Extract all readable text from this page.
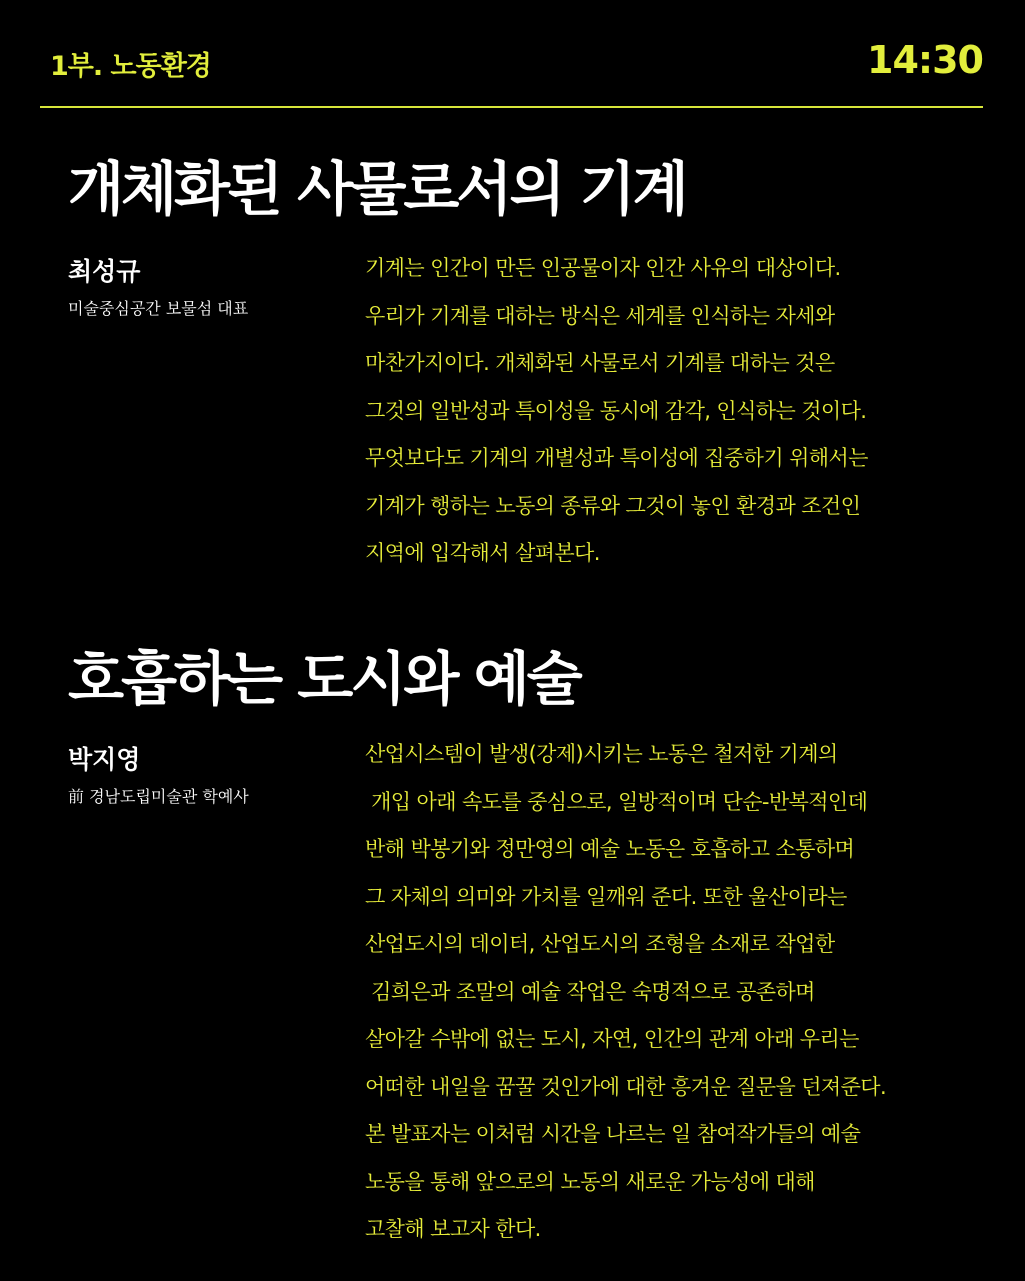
1부. 노동환경	14:30
개체화된 사물로서의 기계
최성규
미술중심공간 보물섬 대표
기계는 인간이 만든 인공물이자 인간 사유의 대상이다.
우리가 기계를 대하는 방식은 세계를 인식하는 자세와
마찬가지이다. 개체화된 사물로서 기계를 대하는 것은
그것의 일반성과 특이성을 동시에 감각, 인식하는 것이다.
무엇보다도 기계의 개별성과 특이성에 집중하기 위해서는
기계가 행하는 노동의 종류와 그것이 놓인 환경과 조건인
지역에 입각해서 살펴본다.
호흡하는 도시와 예술
박지영
前 경남도립미술관 학예사
산업시스템이 발생(강제)시키는 노동은 철저한 기계의
개입 아래 속도를 중심으로, 일방적이며 단순-반복적인데
반해 박봉기와 정만영의 예술 노동은 호흡하고 소통하며
그 자체의 의미와 가치를 일깨워 준다. 또한 울산이라는
산업도시의 데이터, 산업도시의 조형을 소재로 작업한
김희은과 조말의 예술 작업은 숙명적으로 공존하며
살아갈 수밖에 없는 도시, 자연, 인간의 관계 아래 우리는
어떠한 내일을 꿈꿀 것인가에 대한 흥겨운 질문을 던져준다.
본 발표자는 이처럼 시간을 나르는 일 참여작가들의 예술
노동을 통해 앞으로의 노동의 새로운 가능성에 대해
고찰해 보고자 한다.
